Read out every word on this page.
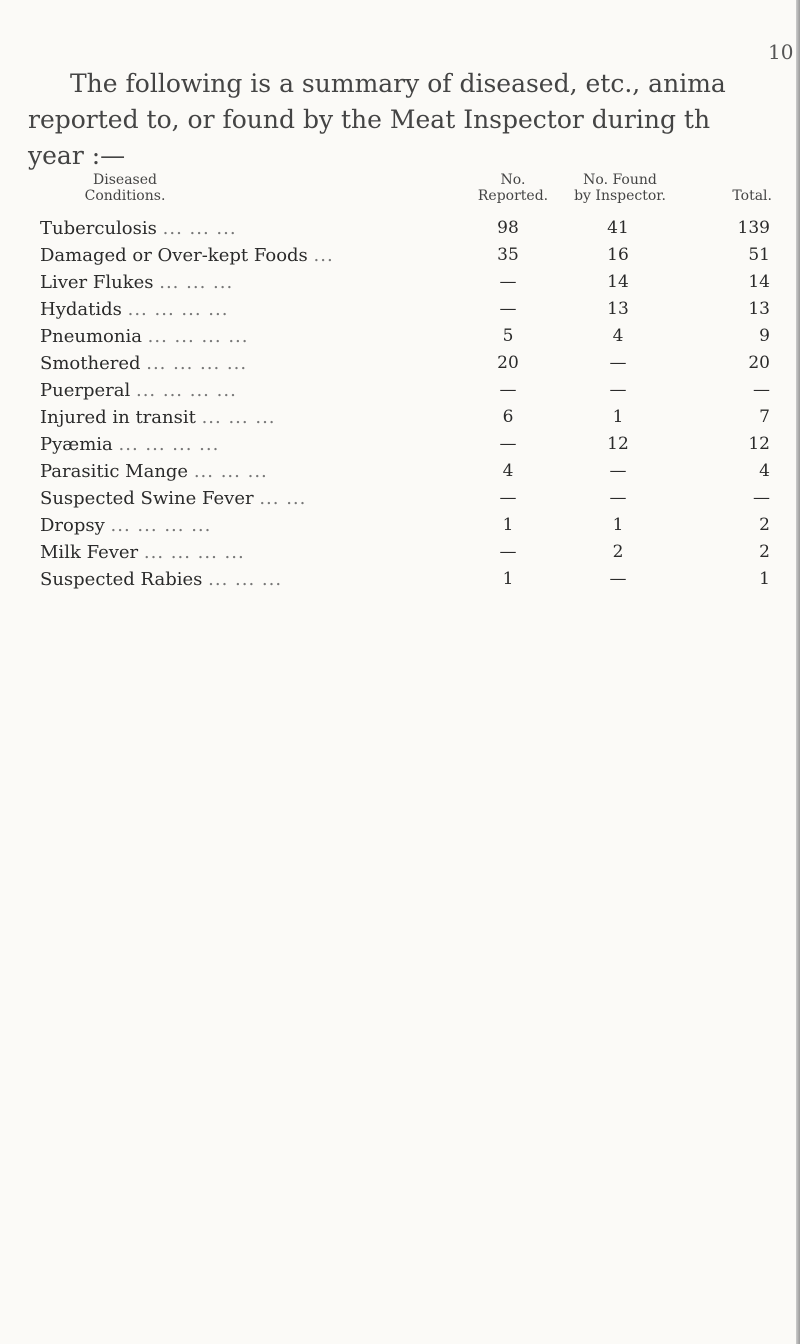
10
The following is a summary of diseased, etc., anima
reported to, or found by the Meat Inspector during th
year :—
Diseased
Conditions.
No.
Reported.
No. Found
by Inspector.	Total.
Tuberculosis ... ... ...	98	41	139
Damaged or Over-kept Foods ...	35	16	51
Liver Flukes ... ... ...	—	14	14
Hydatids ... ... ... ...	—	13	13
Pneumonia ... ... ... ...	5	4	9
Smothered ... ... ... ...	20	—	20
Puerperal ... ... ... ...	—	—	—
Injured in transit ... ... ...	6	1	7
Pyæmia ... ... ... ...	—	12	12
Parasitic Mange ... ... ...	4	—	4
Suspected Swine Fever ... ...	—	—	—
Dropsy ... ... ... ...	1	1	2
Milk Fever ... ... ... ...	—	2	2
Suspected Rabies ... ... ...	1	—	1
